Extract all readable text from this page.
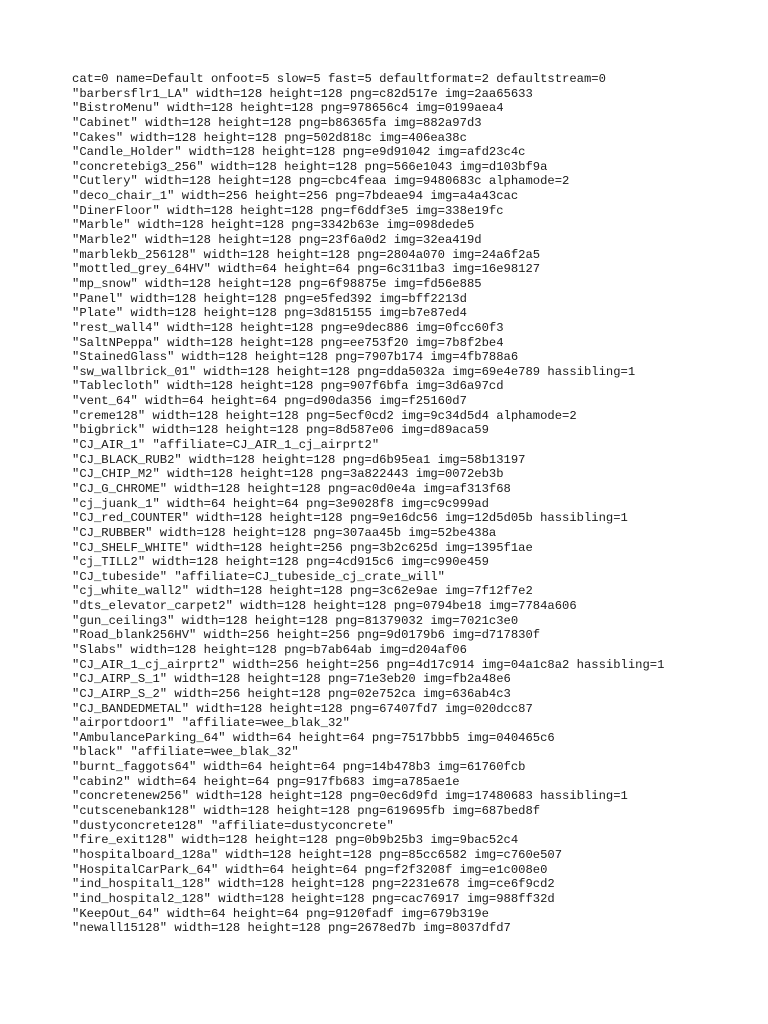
cat=0 name=Default onfoot=5 slow=5 fast=5 defaultformat=2 defaultstream=0
"barbersflr1_LA" width=128 height=128 png=c82d517e img=2aa65633
"BistroMenu" width=128 height=128 png=978656c4 img=0199aea4
"Cabinet" width=128 height=128 png=b86365fa img=882a97d3
"Cakes" width=128 height=128 png=502d818c img=406ea38c
"Candle_Holder" width=128 height=128 png=e9d91042 img=afd23c4c
"concretebig3_256" width=128 height=128 png=566e1043 img=d103bf9a
"Cutlery" width=128 height=128 png=cbc4feaa img=9480683c alphamode=2
"deco_chair_1" width=256 height=256 png=7bdeae94 img=a4a43cac
"DinerFloor" width=128 height=128 png=f6ddf3e5 img=338e19fc
"Marble" width=128 height=128 png=3342b63e img=098dede5
"Marble2" width=128 height=128 png=23f6a0d2 img=32ea419d
"marblekb_256128" width=128 height=128 png=2804a070 img=24a6f2a5
"mottled_grey_64HV" width=64 height=64 png=6c311ba3 img=16e98127
"mp_snow" width=128 height=128 png=6f98875e img=fd56e885
"Panel" width=128 height=128 png=e5fed392 img=bff2213d
"Plate" width=128 height=128 png=3d815155 img=b7e87ed4
"rest_wall4" width=128 height=128 png=e9dec886 img=0fcc60f3
"SaltNPeppa" width=128 height=128 png=ee753f20 img=7b8f2be4
"StainedGlass" width=128 height=128 png=7907b174 img=4fb788a6
"sw_wallbrick_01" width=128 height=128 png=dda5032a img=69e4e789 hassibling=1
"Tablecloth" width=128 height=128 png=907f6bfa img=3d6a97cd
"vent_64" width=64 height=64 png=d90da356 img=f25160d7
"creme128" width=128 height=128 png=5ecf0cd2 img=9c34d5d4 alphamode=2
"bigbrick" width=128 height=128 png=8d587e06 img=d89aca59
"CJ_AIR_1" "affiliate=CJ_AIR_1_cj_airprt2"
"CJ_BLACK_RUB2" width=128 height=128 png=d6b95ea1 img=58b13197
"CJ_CHIP_M2" width=128 height=128 png=3a822443 img=0072eb3b
"CJ_G_CHROME" width=128 height=128 png=ac0d0e4a img=af313f68
"cj_juank_1" width=64 height=64 png=3e9028f8 img=c9c999ad
"CJ_red_COUNTER" width=128 height=128 png=9e16dc56 img=12d5d05b hassibling=1
"CJ_RUBBER" width=128 height=128 png=307aa45b img=52be438a
"CJ_SHELF_WHITE" width=128 height=256 png=3b2c625d img=1395f1ae
"cj_TILL2" width=128 height=128 png=4cd915c6 img=c990e459
"CJ_tubeside" "affiliate=CJ_tubeside_cj_crate_will"
"cj_white_wall2" width=128 height=128 png=3c62e9ae img=7f12f7e2
"dts_elevator_carpet2" width=128 height=128 png=0794be18 img=7784a606
"gun_ceiling3" width=128 height=128 png=81379032 img=7021c3e0
"Road_blank256HV" width=256 height=256 png=9d0179b6 img=d717830f
"Slabs" width=128 height=128 png=b7ab64ab img=d204af06
"CJ_AIR_1_cj_airprt2" width=256 height=256 png=4d17c914 img=04a1c8a2 hassibling=1
"CJ_AIRP_S_1" width=128 height=128 png=71e3eb20 img=fb2a48e6
"CJ_AIRP_S_2" width=256 height=128 png=02e752ca img=636ab4c3
"CJ_BANDEDMETAL" width=128 height=128 png=67407fd7 img=020dcc87
"airportdoor1" "affiliate=wee_blak_32"
"AmbulanceParking_64" width=64 height=64 png=7517bbb5 img=040465c6
"black" "affiliate=wee_blak_32"
"burnt_faggots64" width=64 height=64 png=14b478b3 img=61760fcb
"cabin2" width=64 height=64 png=917fb683 img=a785ae1e
"concretenew256" width=128 height=128 png=0ec6d9fd img=17480683 hassibling=1
"cutscenebank128" width=128 height=128 png=619695fb img=687bed8f
"dustyconcrete128" "affiliate=dustyconcrete"
"fire_exit128" width=128 height=128 png=0b9b25b3 img=9bac52c4
"hospitalboard_128a" width=128 height=128 png=85cc6582 img=c760e507
"HospitalCarPark_64" width=64 height=64 png=f2f3208f img=e1c008e0
"ind_hospital1_128" width=128 height=128 png=2231e678 img=ce6f9cd2
"ind_hospital2_128" width=128 height=128 png=cac76917 img=988ff32d
"KeepOut_64" width=64 height=64 png=9120fadf img=679b319e
"newall15128" width=128 height=128 png=2678ed7b img=8037dfd7
